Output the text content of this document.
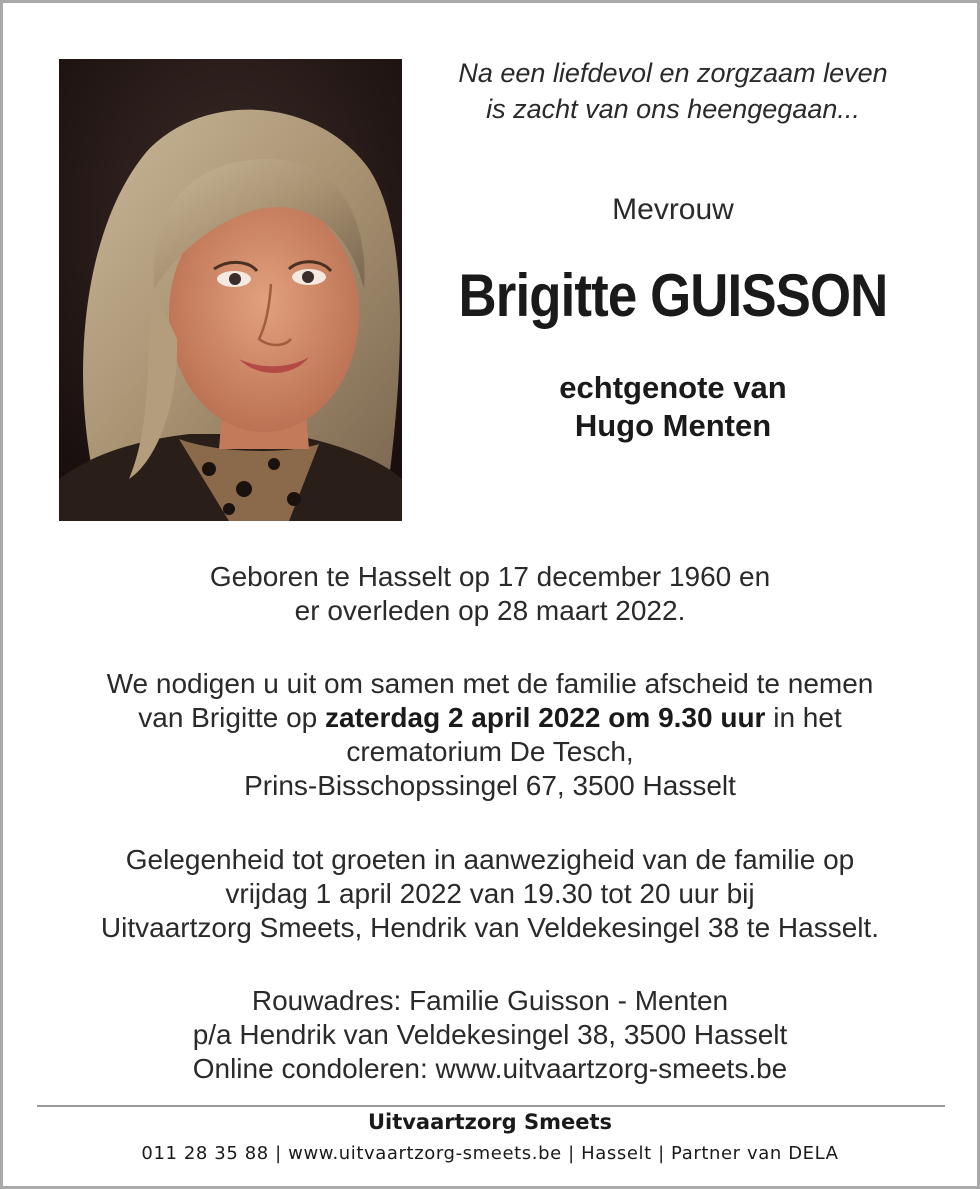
Na een liefdevol en zorgzaam leven
is zacht van ons heengegaan...
Mevrouw
Brigitte GUISSON
echtgenote van
Hugo Menten
Geboren te Hasselt op 17 december 1960 en
er overleden op 28 maart 2022.
We nodigen u uit om samen met de familie afscheid te nemen
van Brigitte op zaterdag 2 april 2022 om 9.30 uur in het
crematorium De Tesch,
Prins-Bisschopssingel 67, 3500 Hasselt
Gelegenheid tot groeten in aanwezigheid van de familie op
vrijdag 1 april 2022 van 19.30 tot 20 uur bij
Uitvaartzorg Smeets, Hendrik van Veldekesingel 38 te Hasselt.
Rouwadres: Familie Guisson - Menten
p/a Hendrik van Veldekesingel 38, 3500 Hasselt
Online condoleren: www.uitvaartzorg-smeets.be
Uitvaartzorg Smeets
011 28 35 88 | www.uitvaartzorg-smeets.be | Hasselt | Partner van DELA
